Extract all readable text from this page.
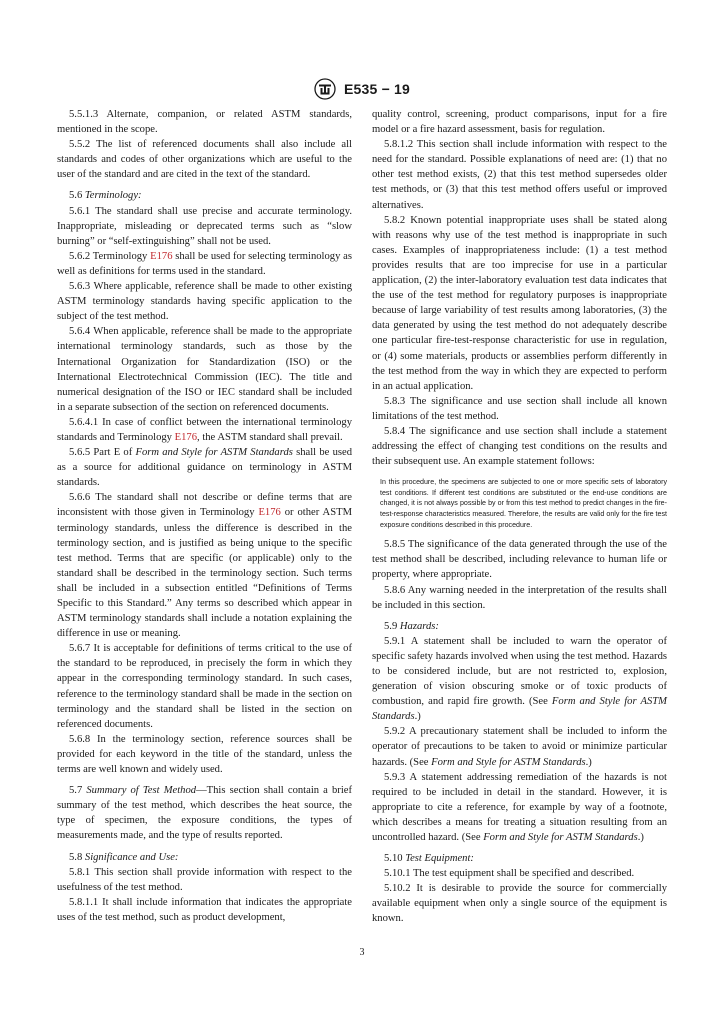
E535 − 19

5.5.1.3 Alternate, companion, or related ASTM standards, mentioned in the scope.

5.5.2 The list of referenced documents shall also include all standards and codes of other organizations which are useful to the user of the standard and are cited in the text of the standard.

5.6 Terminology:

5.6.1 The standard shall use precise and accurate terminology. Inappropriate, misleading or deprecated terms such as “slow burning” or “self-extinguishing” shall not be used.

5.6.2 Terminology E176 shall be used for selecting terminology as well as definitions for terms used in the standard.

5.6.3 Where applicable, reference shall be made to other existing ASTM terminology standards having specific application to the subject of the test method.

5.6.4 When applicable, reference shall be made to the appropriate international terminology standards, such as those by the International Organization for Standardization (ISO) or the International Electrotechnical Commission (IEC). The title and numerical designation of the ISO or IEC standard shall be included in a separate subsection of the section on referenced documents.

5.6.4.1 In case of conflict between the international terminology standards and Terminology E176, the ASTM standard shall prevail.

5.6.5 Part E of Form and Style for ASTM Standards shall be used as a source for additional guidance on terminology in ASTM standards.

5.6.6 The standard shall not describe or define terms that are inconsistent with those given in Terminology E176 or other ASTM terminology standards, unless the difference is described in the terminology section, and is justified as being unique to the specific test method. Terms that are specific (or applicable) only to the standard shall be described in the terminology section. Such terms shall be included in a subsection entitled “Definitions of Terms Specific to this Standard.” Any terms so described which appear in ASTM terminology standards shall include a notation explaining the difference in use or meaning.

5.6.7 It is acceptable for definitions of terms critical to the use of the standard to be reproduced, in precisely the form in which they appear in the corresponding terminology standard. In such cases, reference to the terminology standard shall be made in the section on terminology and the standard shall be listed in the section on referenced documents.

5.6.8 In the terminology section, reference sources shall be provided for each keyword in the title of the standard, unless the terms are well known and widely used.

5.7 Summary of Test Method—This section shall contain a brief summary of the test method, which describes the heat source, the type of specimen, the exposure conditions, the types of measurements made, and the type of results reported.

5.8 Significance and Use:

5.8.1 This section shall provide information with respect to the usefulness of the test method.

5.8.1.1 It shall include information that indicates the appropriate uses of the test method, such as product development,

quality control, screening, product comparisons, input for a fire model or a fire hazard assessment, basis for regulation.

5.8.1.2 This section shall include information with respect to the need for the standard. Possible explanations of need are: (1) that no other test method exists, (2) that this test method supersedes older test methods, or (3) that this test method offers useful or improved alternatives.

5.8.2 Known potential inappropriate uses shall be stated along with reasons why use of the test method is inappropriate in such cases. Examples of inappropriateness include: (1) a test method provides results that are too imprecise for use in a particular application, (2) the inter-laboratory evaluation test data indicates that the use of the test method for regulatory purposes is inappropriate because of large variability of test results among laboratories, (3) the data generated by using the test method do not adequately describe one particular fire-test-response characteristic for use in regulation, or (4) some materials, products or assemblies perform differently in the test method from the way in which they are expected to perform in an actual application.

5.8.3 The significance and use section shall include all known limitations of the test method.

5.8.4 The significance and use section shall include a statement addressing the effect of changing test conditions on the results and their subsequent use. An example statement follows:

In this procedure, the specimens are subjected to one or more specific sets of laboratory test conditions. If different test conditions are substituted or the end-use conditions are changed, it is not always possible by or from this test method to predict changes in the fire-test-response characteristics measured. Therefore, the results are valid only for the fire test exposure conditions described in this procedure.

5.8.5 The significance of the data generated through the use of the test method shall be described, including relevance to human life or property, where appropriate.

5.8.6 Any warning needed in the interpretation of the results shall be included in this section.

5.9 Hazards:

5.9.1 A statement shall be included to warn the operator of specific safety hazards involved when using the test method. Hazards to be considered include, but are not restricted to, explosion, generation of vision obscuring smoke or of toxic products of combustion, and rapid fire growth. (See Form and Style for ASTM Standards.)

5.9.2 A precautionary statement shall be included to inform the operator of precautions to be taken to avoid or minimize particular hazards. (See Form and Style for ASTM Standards.)

5.9.3 A statement addressing remediation of the hazards is not required to be included in detail in the standard. However, it is appropriate to cite a reference, for example by way of a footnote, which describes a means for treating a situation resulting from an uncontrolled hazard. (See Form and Style for ASTM Standards.)

5.10 Test Equipment:

5.10.1 The test equipment shall be specified and described.

5.10.2 It is desirable to provide the source for commercially available equipment when only a single source of the equipment is known.

3
